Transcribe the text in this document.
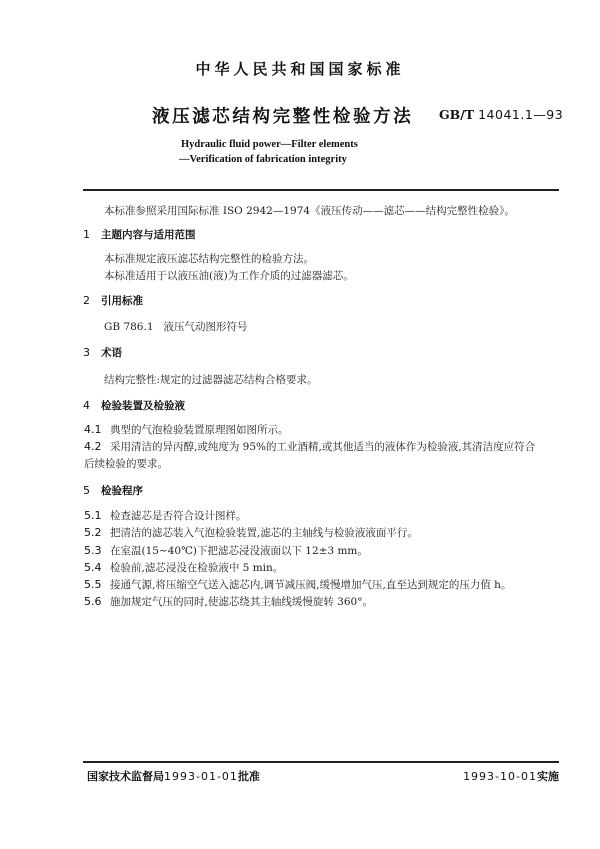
中华人民共和国国家标准
液压滤芯结构完整性检验方法 GB/T 14041.1—93
Hydraulic fluid power—Filter elements
—Verification of fabrication integrity
本标准参照采用国际标准 ISO 2942—1974《液压传动——滤芯——结构完整性检验》。
1 主题内容与适用范围
本标准规定液压滤芯结构完整性的检验方法。
本标准适用于以液压油(液)为工作介质的过滤器滤芯。
2 引用标准
GB 786.1 液压气动图形符号
3 术语
结构完整性:规定的过滤器滤芯结构合格要求。
4 检验装置及检验液
4.1 典型的气泡检验装置原理图如图所示。
4.2 采用清洁的异丙醇,或纯度为 95%的工业酒精,或其他适当的液体作为检验液,其清洁度应符合
后续检验的要求。
5 检验程序
5.1 检查滤芯是否符合设计图样。
5.2 把清洁的滤芯装入气泡检验装置,滤芯的主轴线与检验液液面平行。
5.3 在室温(15~40℃)下把滤芯浸没液面以下 12±3 mm。
5.4 检验前,滤芯浸没在检验液中 5 min。
5.5 接通气源,将压缩空气送入滤芯内,调节减压阀,缓慢增加气压,直至达到规定的压力值 h。
5.6 施加规定气压的同时,使滤芯绕其主轴线缓慢旋转 360°。
国家技术监督局1993-01-01批准	1993-10-01实施
